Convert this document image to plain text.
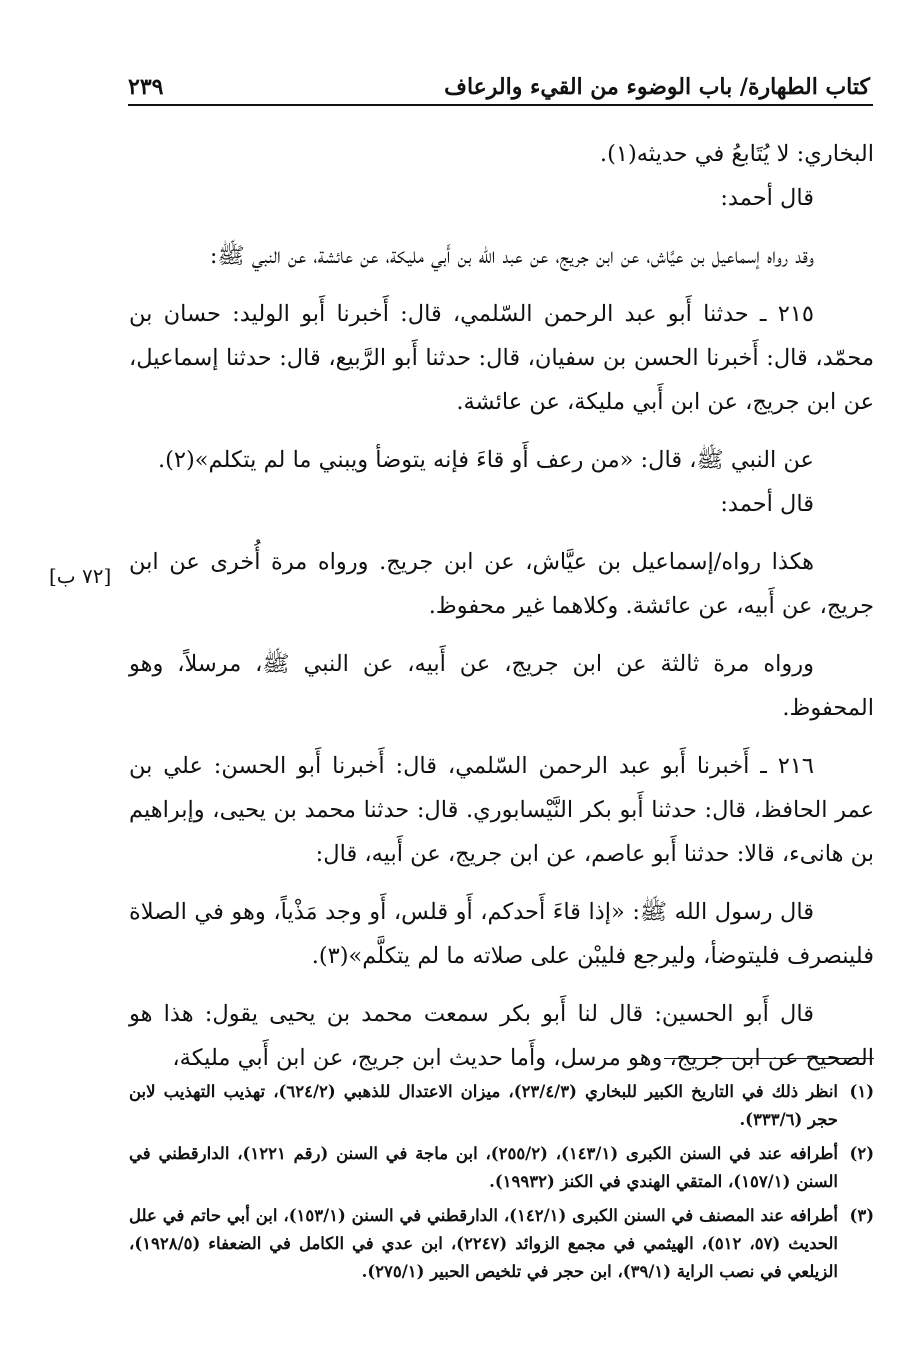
كتاب الطهارة/ باب الوضوء من القيء والرعاف
٢٣٩

البخاري: لا يُتَابعُ في حديثه(١).

قال أحمد:

وقد رواه إسماعيل بن عيَّاش، عن ابن جريج، عن عبد الله بن أَبي مليكة، عن عائشة، عن النبي ﷺ:

٢١٥ ـ حدثنا أَبو عبد الرحمن السّلمي، قال: أَخبرنا أَبو الوليد: حسان بن محمّد، قال: أَخبرنا الحسن بن سفيان، قال: حدثنا أَبو الرَّبيع، قال: حدثنا إسماعيل، عن ابن جريج، عن ابن أَبي مليكة، عن عائشة.

عن النبي ﷺ، قال: «من رعف أَو قاءَ فإنه يتوضأ ويبني ما لم يتكلم»(٢).

قال أحمد:

[٧٢ ب]

هكذا رواه/إسماعيل بن عيَّاش، عن ابن جريج. ورواه مرة أُخرى عن ابن جريج، عن أَبيه، عن عائشة. وكلاهما غير محفوظ.

ورواه مرة ثالثة عن ابن جريج، عن أَبيه، عن النبي ﷺ، مرسلاً، وهو المحفوظ.

٢١٦ ـ أَخبرنا أَبو عبد الرحمن السّلمي، قال: أَخبرنا أَبو الحسن: علي بن عمر الحافظ، قال: حدثنا أَبو بكر النَّيْسابوري. قال: حدثنا محمد بن يحيى، وإبراهيم بن هانىء، قالا: حدثنا أَبو عاصم، عن ابن جريج، عن أَبيه، قال:

قال رسول الله ﷺ: «إذا قاءَ أَحدكم، أَو قلس، أَو وجد مَذْياً، وهو في الصلاة فلينصرف فليتوضأ، وليرجع فليبْن على صلاته ما لم يتكلَّم»(٣).

قال أَبو الحسين: قال لنا أَبو بكر سمعت محمد بن يحيى يقول: هذا هو الصحيح عن ابن جريج، وهو مرسل، وأَما حديث ابن جريج، عن ابن أَبي مليكة،

(١)
انظر ذلك في التاريخ الكبير للبخاري (٢٣/٤/٣)، ميزان الاعتدال للذهبي (٦٢٤/٢)، تهذيب التهذيب لابن حجر (٣٣٣/٦).
(٢)
أطرافه عند في السنن الكبرى (١٤٣/١)، (٢٥٥/٢)، ابن ماجة في السنن (رقم ١٢٢١)، الدارقطني في السنن (١٥٧/١)، المتقي الهندي في الكنز (١٩٩٣٢).
(٣)
أطرافه عند المصنف في السنن الكبرى (١٤٢/١)، الدارقطني في السنن (١٥٣/١)، ابن أبي حاتم في علل الحديث (٥٧، ٥١٢)، الهيثمي في مجمع الزوائد (٢٢٤٧)، ابن عدي في الكامل في الضعفاء (١٩٢٨/٥)، الزيلعي في نصب الراية (٣٩/١)، ابن حجر في تلخيص الحبير (٢٧٥/١).
